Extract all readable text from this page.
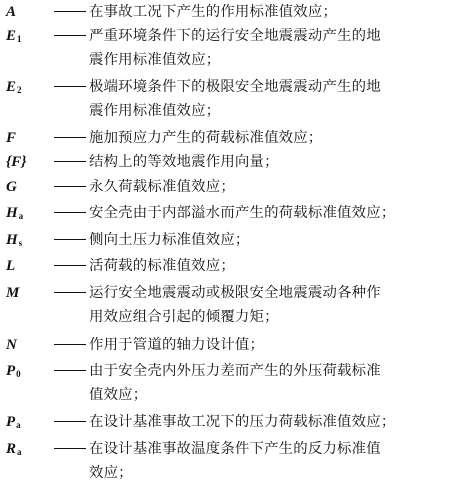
A	在事故工况下产生的作用标准值效应；
$E_1$	严重环境条件下的运行安全地震震动产生的地
震作用标准值效应；
$E_2$	极端环境条件下的极限安全地震震动产生的地
震作用标准值效应；
F	施加预应力产生的荷载标准值效应；
{F}	结构上的等效地震作用向量；
G	永久荷载标准值效应；
$H_a$	安全壳由于内部溢水而产生的荷载标准值效应；
$H_s$	侧向土压力标准值效应；
L	活荷载的标准值效应；
M	运行安全地震震动或极限安全地震震动各种作
用效应组合引起的倾覆力矩；
N	作用于管道的轴力设计值；
$P_0$	由于安全壳内外压力差而产生的外压荷载标准
值效应；
$P_a$	在设计基准事故工况下的压力荷载标准值效应；
$R_a$	在设计基准事故温度条件下产生的反力标准值
效应；
